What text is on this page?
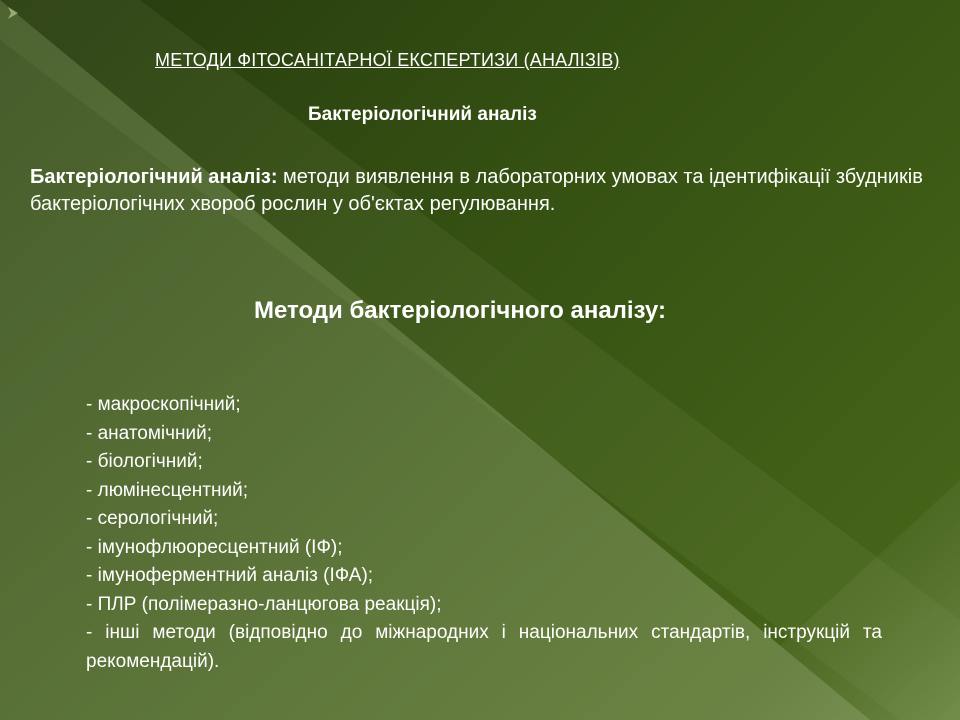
МЕТОДИ ФІТОСАНІТАРНОЇ ЕКСПЕРТИЗИ (АНАЛІЗІВ)
Бактеріологічний аналіз
Бактеріологічний аналіз: методи виявлення в лабораторних умовах та ідентифікації збудників бактеріологічних хвороб рослин у об'єктах регулювання.
Методи бактеріологічного аналізу:
- макроскопічний;
- анатомічний;
- біологічний;
- люмінесцентний;
- серологічний;
- імунофлюоресцентний (ІФ);
- імуноферментний аналіз (ІФА);
- ПЛР (полімеразно-ланцюгова реакція);
- інші методи (відповідно до міжнародних і національних стандартів, інструкцій та рекомендацій).
